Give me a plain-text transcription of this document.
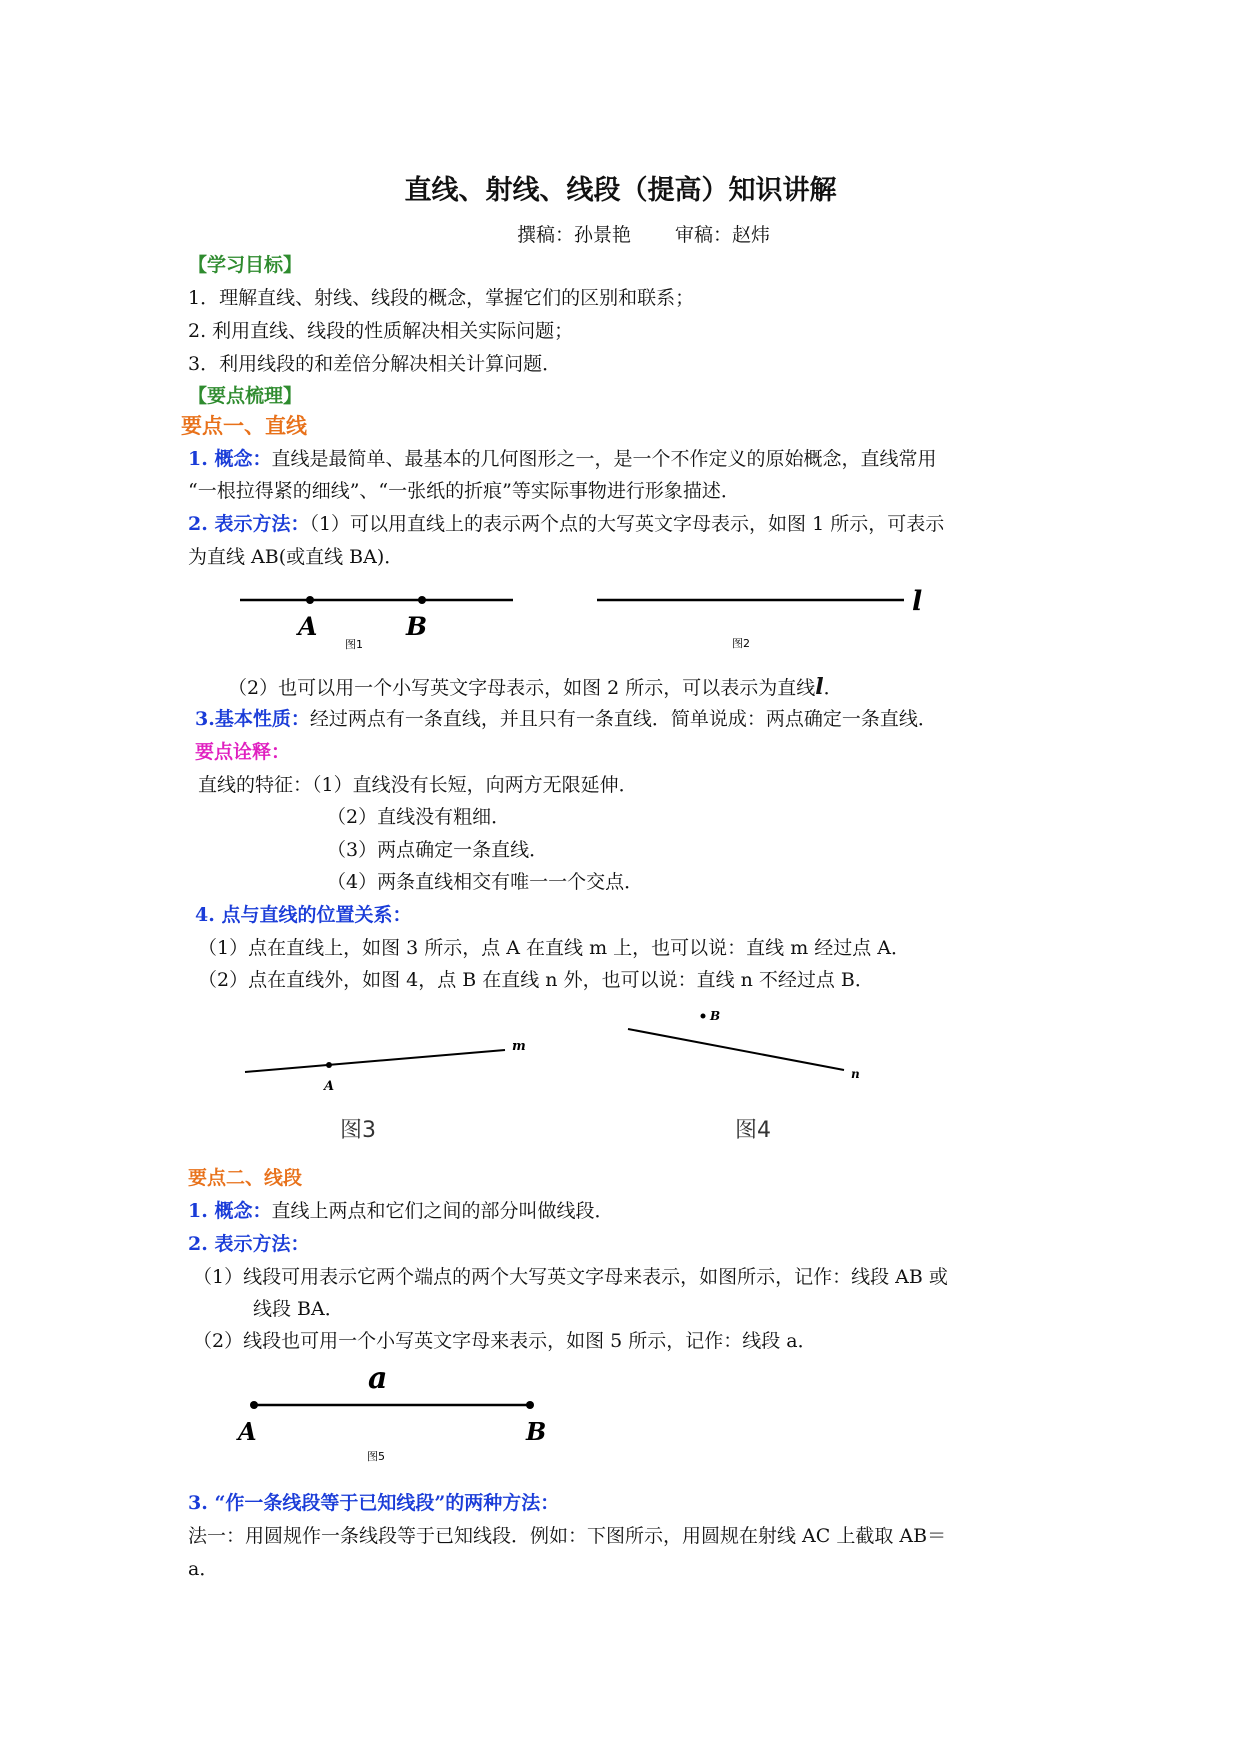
直线、射线、线段（提高）知识讲解
撰稿：孙景艳 审稿：赵炜
【学习目标】
1．理解直线、射线、线段的概念，掌握它们的区别和联系；
2. 利用直线、线段的性质解决相关实际问题；
3．利用线段的和差倍分解决相关计算问题．
【要点梳理】
要点一、直线
1. 概念：直线是最简单、最基本的几何图形之一，是一个不作定义的原始概念，直线常用
“一根拉得紧的细线”、“一张纸的折痕”等实际事物进行形象描述．
2. 表示方法：（1）可以用直线上的表示两个点的大写英文字母表示，如图 1 所示，可表示
为直线 AB(或直线 BA)．
A	B
图1
l
图2
（2）也可以用一个小写英文字母表示，如图 2 所示，可以表示为直线l．
3.基本性质：经过两点有一条直线，并且只有一条直线．简单说成：两点确定一条直线．
要点诠释：
直线的特征：（1）直线没有长短，向两方无限延伸．
（2）直线没有粗细．
（3）两点确定一条直线．
（4）两条直线相交有唯一一个交点．
4. 点与直线的位置关系：
（1）点在直线上，如图 3 所示，点 A 在直线 m 上，也可以说：直线 m 经过点 A．
（2）点在直线外，如图 4，点 B 在直线 n 外，也可以说：直线 n 不经过点 B．
A
m
图3
B
n
图4
要点二、线段
1. 概念：直线上两点和它们之间的部分叫做线段．
2. 表示方法：
（1）线段可用表示它两个端点的两个大写英文字母来表示，如图所示，记作：线段 AB 或
线段 BA．
（2）线段也可用一个小写英文字母来表示，如图 5 所示，记作：线段 a．
a
A	B
图5
3. “作一条线段等于已知线段”的两种方法：
法一：用圆规作一条线段等于已知线段．例如：下图所示，用圆规在射线 AC 上截取 AB＝
a．
